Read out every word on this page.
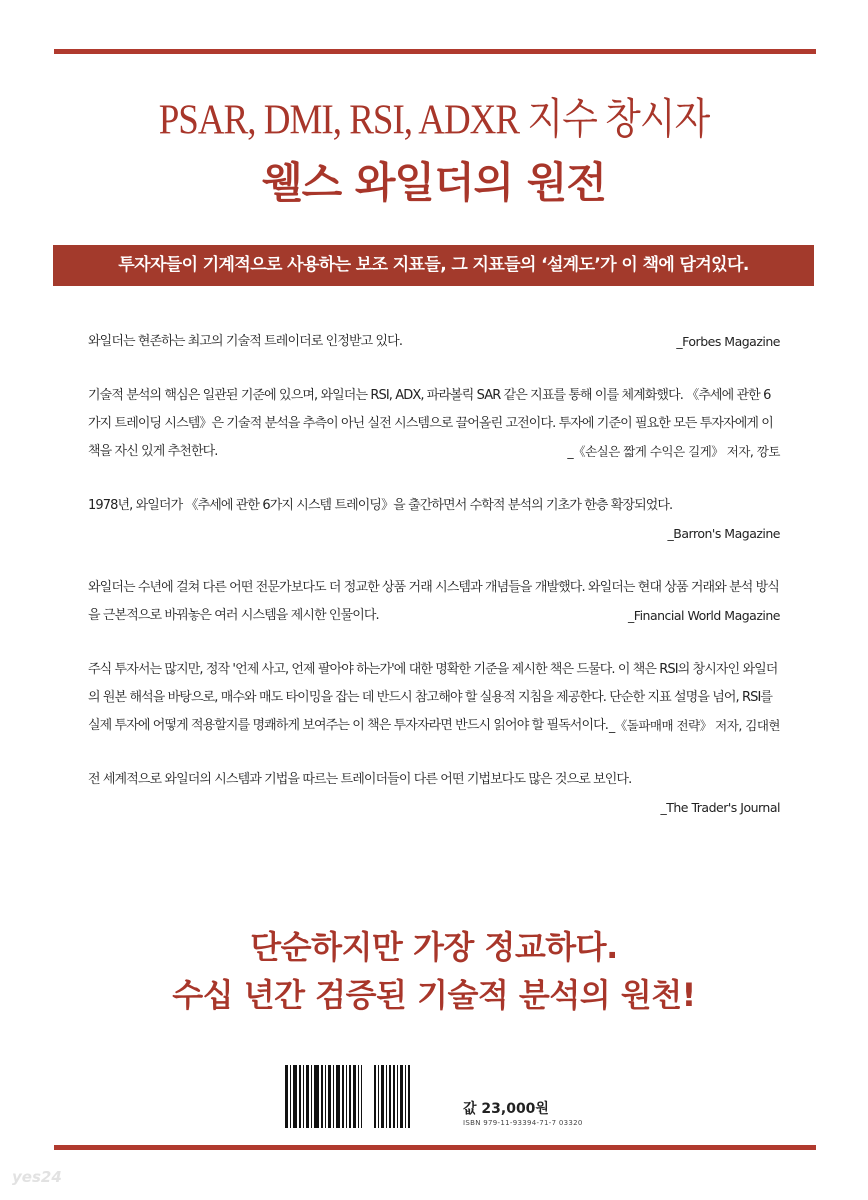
PSAR, DMI, RSI, ADXR 지수 창시자
웰스 와일더의 원전
투자자들이 기계적으로 사용하는 보조 지표들, 그 지표들의 ‘설계도’가 이 책에 담겨있다.
_Forbes Magazine
와일더는 현존하는 최고의 기술적 트레이더로 인정받고 있다.
기술적 분석의 핵심은 일관된 기준에 있으며, 와일더는 RSI, ADX, 파라볼릭 SAR 같은 지표를 통해 이를 체계화했다. 《추세에 관한 6가지 트레이딩 시스템》은 기술적 분석을 추측이 아닌 실전 시스템으로 끌어올린 고전이다. 투자에 기준이 필요한 모든 투자자에게 이 책을 자신 있게 추천한다.	_《손실은 짧게 수익은 길게》 저자, 깡토
1978년, 와일더가 《추세에 관한 6가지 시스템 트레이딩》을 출간하면서 수학적 분석의 기초가 한층 확장되었다.
_Barron's Magazine
와일더는 수년에 걸쳐 다른 어떤 전문가보다도 더 정교한 상품 거래 시스템과 개념들을 개발했다. 와일더는 현대 상품 거래와 분석 방식을 근본적으로 바꿔놓은 여러 시스템을 제시한 인물이다.	_Financial World Magazine
주식 투자서는 많지만, 정작 '언제 사고, 언제 팔아야 하는가'에 대한 명확한 기준을 제시한 책은 드물다. 이 책은 RSI의 창시자인 와일더의 원본 해석을 바탕으로, 매수와 매도 타이밍을 잡는 데 반드시 참고해야 할 실용적 지침을 제공한다. 단순한 지표 설명을 넘어, RSI를 실제 투자에 어떻게 적용할지를 명쾌하게 보여주는 이 책은 투자자라면 반드시 읽어야 할 필독서이다. _《돌파매매 전략》 저자, 김대현
전 세계적으로 와일더의 시스템과 기법을 따르는 트레이더들이 다른 어떤 기법보다도 많은 것으로 보인다.
_The Trader's Journal
단순하지만 가장 정교하다.
수십 년간 검증된 기술적 분석의 원천!
값 23,000원
ISBN 979-11-93394-71-7 03320
yes24
